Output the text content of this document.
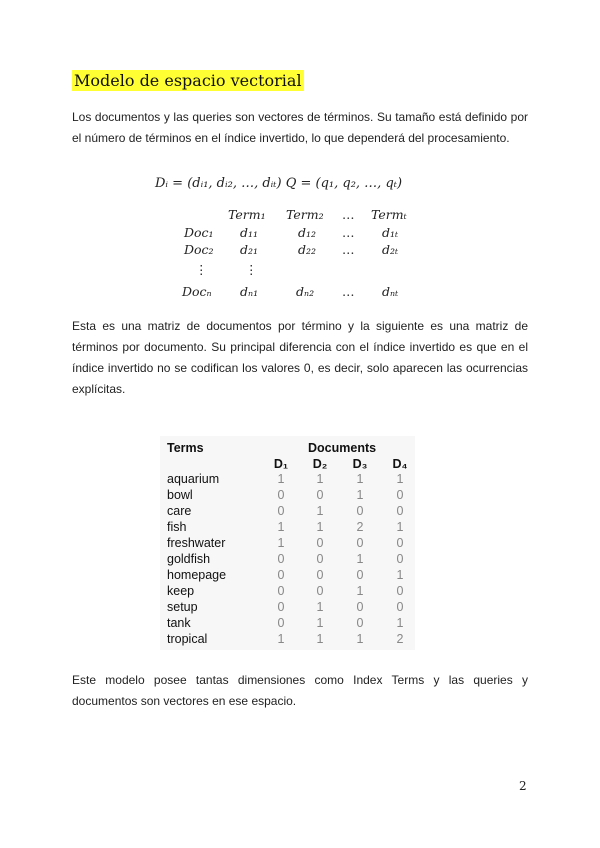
Modelo de espacio vectorial
Los documentos y las queries son vectores de términos. Su tamaño está definido por el número de términos en el índice invertido, lo que dependerá del procesamiento.
Dᵢ = (dᵢ₁, dᵢ₂, …, dᵢₜ) Q = (q₁, q₂, …, qₜ)
Term₁ Term₂ … Termₜ
Doc₁ d₁₁	d₁₂ … d₁ₜ
Doc₂ d₂₁	d₂₂ … d₂ₜ
⋮	⋮
Docₙ dₙ₁	dₙ₂ … dₙₜ
Esta es una matriz de documentos por término y la siguiente es una matriz de términos por documento. Su principal diferencia con el índice invertido es que en el índice invertido no se codifican los valores 0, es decir, solo aparecen las ocurrencias explícitas.
Terms	Documents
D₁ D₂ D₃ D₄
aquarium	1	1	1	1
bowl	0	0	1	0
care	0	1	0	0
fish	1	1	2	1
freshwater	1	0	0	0
goldfish	0	0	1	0
homepage	0	0	0	1
keep	0	0	1	0
setup	0	1	0	0
tank	0	1	0	1
tropical	1	1	1	2
Este modelo posee tantas dimensiones como Index Terms y las queries y documentos son vectores en ese espacio.
2
